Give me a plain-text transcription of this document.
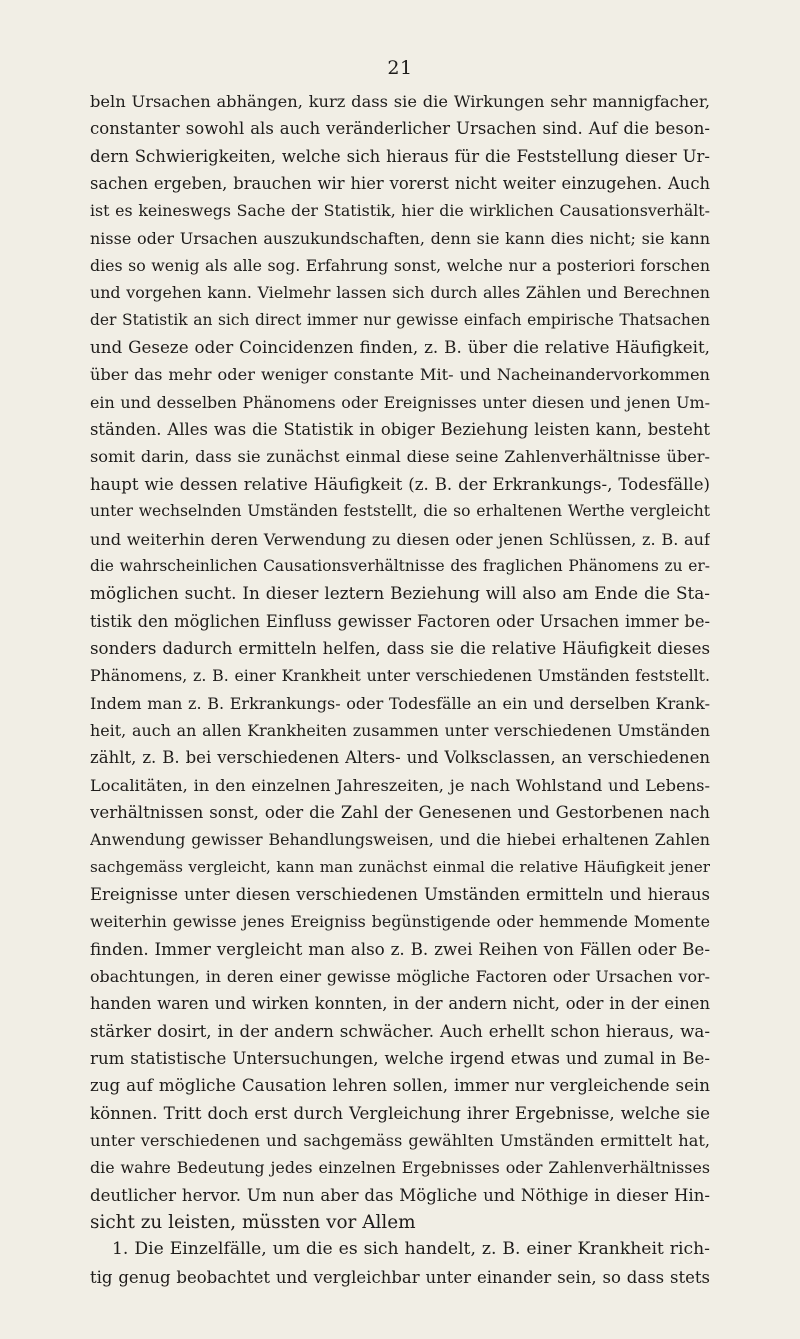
21
beln Ursachen abhängen, kurz dass sie die Wirkungen sehr mannigfacher,
constanter sowohl als auch veränderlicher Ursachen sind. Auf die beson-
dern Schwierigkeiten, welche sich hieraus für die Feststellung dieser Ur-
sachen ergeben, brauchen wir hier vorerst nicht weiter einzugehen. Auch
ist es keineswegs Sache der Statistik, hier die wirklichen Causationsverhält-
nisse oder Ursachen auszukundschaften, denn sie kann dies nicht; sie kann
dies so wenig als alle sog. Erfahrung sonst, welche nur a posteriori forschen
und vorgehen kann. Vielmehr lassen sich durch alles Zählen und Berechnen
der Statistik an sich direct immer nur gewisse einfach empirische Thatsachen
und Geseze oder Coincidenzen finden, z. B. über die relative Häufigkeit,
über das mehr oder weniger constante Mit- und Nacheinandervorkommen
ein und desselben Phänomens oder Ereignisses unter diesen und jenen Um-
ständen. Alles was die Statistik in obiger Beziehung leisten kann, besteht
somit darin, dass sie zunächst einmal diese seine Zahlenverhältnisse über-
haupt wie dessen relative Häufigkeit (z. B. der Erkrankungs-, Todesfälle)
unter wechselnden Umständen feststellt, die so erhaltenen Werthe vergleicht
und weiterhin deren Verwendung zu diesen oder jenen Schlüssen, z. B. auf
die wahrscheinlichen Causationsverhältnisse des fraglichen Phänomens zu er-
möglichen sucht. In dieser leztern Beziehung will also am Ende die Sta-
tistik den möglichen Einfluss gewisser Factoren oder Ursachen immer be-
sonders dadurch ermitteln helfen, dass sie die relative Häufigkeit dieses
Phänomens, z. B. einer Krankheit unter verschiedenen Umständen feststellt.
Indem man z. B. Erkrankungs- oder Todesfälle an ein und derselben Krank-
heit, auch an allen Krankheiten zusammen unter verschiedenen Umständen
zählt, z. B. bei verschiedenen Alters- und Volksclassen, an verschiedenen
Localitäten, in den einzelnen Jahreszeiten, je nach Wohlstand und Lebens-
verhältnissen sonst, oder die Zahl der Genesenen und Gestorbenen nach
Anwendung gewisser Behandlungsweisen, und die hiebei erhaltenen Zahlen
sachgemäss vergleicht, kann man zunächst einmal die relative Häufigkeit jener
Ereignisse unter diesen verschiedenen Umständen ermitteln und hieraus
weiterhin gewisse jenes Ereigniss begünstigende oder hemmende Momente
finden. Immer vergleicht man also z. B. zwei Reihen von Fällen oder Be-
obachtungen, in deren einer gewisse mögliche Factoren oder Ursachen vor-
handen waren und wirken konnten, in der andern nicht, oder in der einen
stärker dosirt, in der andern schwächer. Auch erhellt schon hieraus, wa-
rum statistische Untersuchungen, welche irgend etwas und zumal in Be-
zug auf mögliche Causation lehren sollen, immer nur vergleichende sein
können. Tritt doch erst durch Vergleichung ihrer Ergebnisse, welche sie
unter verschiedenen und sachgemäss gewählten Umständen ermittelt hat,
die wahre Bedeutung jedes einzelnen Ergebnisses oder Zahlenverhältnisses
deutlicher hervor. Um nun aber das Mögliche und Nöthige in dieser Hin-
sicht zu leisten, müssten vor Allem
1. Die Einzelfälle, um die es sich handelt, z. B. einer Krankheit rich-
tig genug beobachtet und vergleichbar unter einander sein, so dass stets
